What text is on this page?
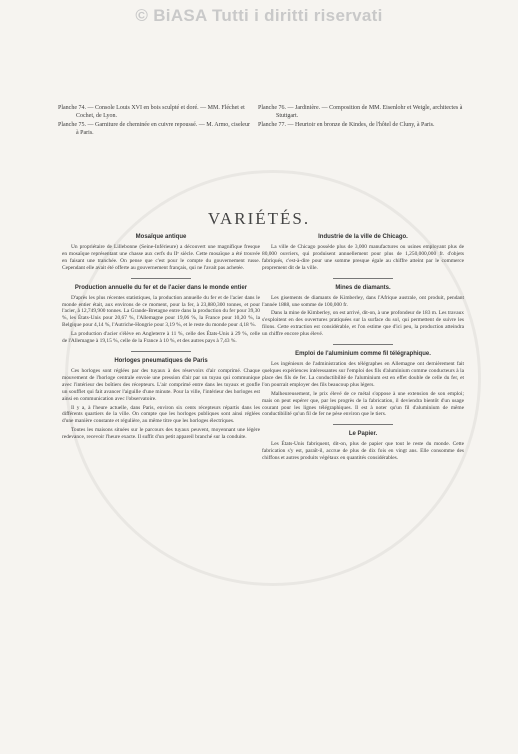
© BiASA Tutti i diritti riservati

Planche 74. — Console Louis XVI en bois sculpté et doré. — MM. Fléchet et Cochet, de Lyon.

Planche 75. — Garniture de cheminée en cuivre repoussé. — M. Armo, ciseleur à Paris.

Planche 76. — Jardinière. — Composition de MM. Eisenlohr et Weigle, architectes à Stuttgart.

Planche 77. — Heurtoir en bronze de Kindes, de l'hôtel de Cluny, à Paris.

VARIÉTÉS.
Mosaïque antique

Un propriétaire de Lillebonne (Seine-Inférieure) a découvert une magnifique fresque en mosaïque représentant une chasse aux cerfs du IIᵉ siècle. Cette mosaïque a été trouvée en faisant une tranchée. On pense que c'est pour le compte du gouvernement russe. Cependant elle avait été offerte au gouvernement français, qui ne l'avait pas achetée.

Production annuelle du fer et de l'acier dans le monde entier

D'après les plus récentes statistiques, la production annuelle du fer et de l'acier dans le monde entier était, aux environs de ce moment, pour la fer, à 23,880,300 tonnes, et pour l'acier, à 12,749,900 tonnes. La Grande-Bretagne entre dans la production du fer pour 39,30 %, les États-Unis pour 20,67 %, l'Allemagne pour 19,06 %, la France pour 10,20 %, la Belgique pour 4,14 %, l'Autriche-Hongrie pour 3,19 %, et le reste du monde pour 4,18 %.

La production d'acier s'élève en Angleterre à 11 %, celle des États-Unis à 29 %, celle de l'Allemagne à 19,15 %, celle de la France à 10 %, et des autres pays à 7,43 %.

Horloges pneumatiques de Paris

Ces horloges sont réglées par des tuyaux à des réservoirs d'air comprimé. Chaque mouvement de l'horloge centrale envoie une pression d'air par un tuyau qui communique avec l'intérieur des boîtiers des récepteurs. L'air comprimé entre dans les tuyaux et gonfle un soufflet qui fait avancer l'aiguille d'une minute. Pour la ville, l'intérieur des horloges est ainsi en communication avec l'observatoire.

Il y a, à l'heure actuelle, dans Paris, environ six cents récepteurs répartis dans les différents quartiers de la ville. On compte que les horloges publiques sont ainsi réglées d'une manière constante et régulière, au même titre que les horloges électriques.

Toutes les maisons situées sur le parcours des tuyaux peuvent, moyennant une légère redevance, recevoir l'heure exacte. Il suffit d'un petit appareil branché sur la conduite.

Industrie de la ville de Chicago.

La ville de Chicago possède plus de 3,000 manufactures ou usines employant plus de 80,000 ouvriers, qui produisent annuellement pour plus de 1,250,000,000 fr. d'objets fabriqués, c'est-à-dire pour une somme presque égale au chiffre atteint par le commerce proprement dit de la ville.

Mines de diamants.

Les gisements de diamants de Kimberley, dans l'Afrique australe, ont produit, pendant l'année 1888, une somme de 100,000 fr.

Dans la mine de Kimberley, on est arrivé, dit-on, à une profondeur de 183 m. Les travaux s'exploitent en des ouvertures pratiquées sur la surface du sol, qui permettent de suivre les filons. Cette extraction est considérable, et l'on estime que d'ici peu, la production atteindra un chiffre encore plus élevé.

Emploi de l'aluminium comme fil télégraphique.

Les ingénieurs de l'administration des télégraphes en Allemagne ont dernièrement fait quelques expériences intéressantes sur l'emploi des fils d'aluminium comme conducteurs à la place des fils de fer. La conductibilité de l'aluminium est en effet double de celle du fer, et l'on pourrait employer des fils beaucoup plus légers.

Malheureusement, le prix élevé de ce métal s'oppose à une extension de son emploi; mais on peut espérer que, par les progrès de la fabrication, il deviendra bientôt d'un usage courant pour les lignes télégraphiques. Il est à noter qu'un fil d'aluminium de même conductibilité qu'un fil de fer ne pèse environ que le tiers.

Le Papier.

Les États-Unis fabriquent, dit-on, plus de papier que tout le reste du monde. Cette fabrication s'y est, paraît-il, accrue de plus de dix fois en vingt ans. Elle consomme des chiffons et autres produits végétaux en quantités considérables.
